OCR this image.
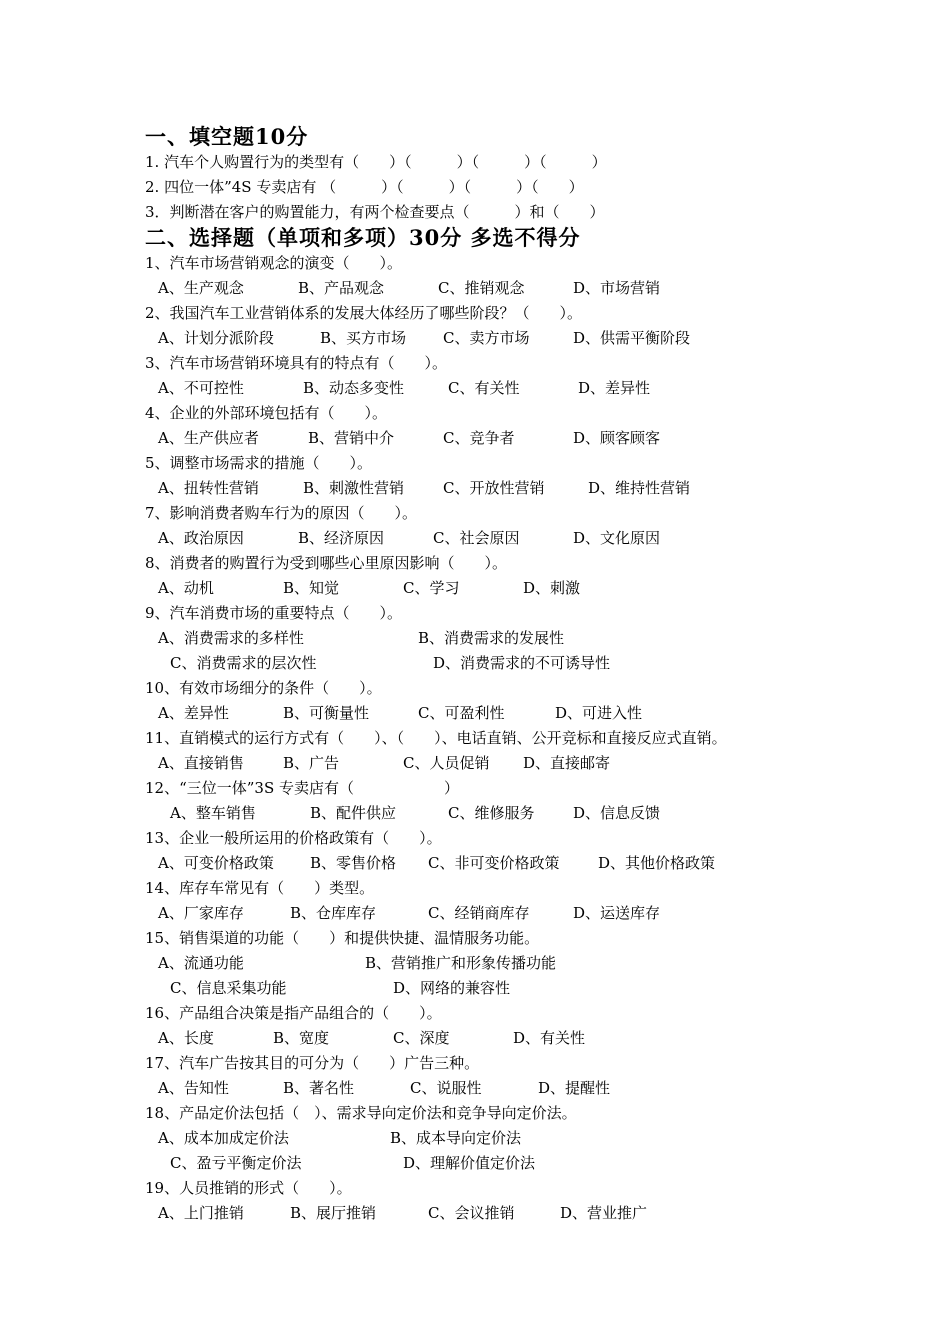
一、填空题10分
1. 汽车个人购置行为的类型有（　　）（　　　）（　　　）（　　　）
2. 四位一体”4S 专卖店有 （　　　）（　　　）（　　　）（　　）
3．判断潜在客户的购置能力，有两个检查要点（　　　）和（　　）
二、选择题（单项和多项）30分 多选不得分
1、汽车市场营销观念的演变（　　）。
A、生产观念	B、产品观念	C、推销观念	D、市场营销
2、我国汽车工业营销体系的发展大体经历了哪些阶段？（　　）。
A、计划分派阶段	B、买方市场 C、卖方市场	D、供需平衡阶段
3、汽车市场营销环境具有的特点有（　　）。
A、不可控性	B、动态多变性	C、有关性	D、差异性
4、企业的外部环境包括有（　　）。
A、生产供应者	B、营销中介	C、竞争者	D、顾客顾客
5、调整市场需求的措施（　　）。
A、扭转性营销	B、刺激性营销	C、开放性营销	D、维持性营销
7、影响消费者购车行为的原因（　　）。
A、政治原因	B、经济原因	C、社会原因	D、文化原因
8、消费者的购置行为受到哪些心里原因影响（　　）。
A、动机	B、知觉	C、学习	D、刺激
9、汽车消费市场的重要特点（　　）。
A、消费需求的多样性	B、消费需求的发展性
C、消费需求的层次性	D、消费需求的不可诱导性
10、有效市场细分的条件（　　）。
A、差异性	B、可衡量性	C、可盈利性	D、可进入性
11、直销模式的运行方式有（　　）、（　　）、电话直销、公开竞标和直接反应式直销。
A、直接销售	B、广告	C、人员促销 D、直接邮寄
12、“三位一体”3S 专卖店有（　　　　　　）
A、整车销售	B、配件供应	C、维修服务	D、信息反馈
13、企业一般所运用的价格政策有（　　）。
A、可变价格政策 B、零售价格 C、非可变价格政策	D、其他价格政策
14、库存车常见有（　　）类型。
A、厂家库存	B、仓库库存	C、经销商库存	D、运送库存
15、销售渠道的功能（　　）和提供快捷、温情服务功能。
A、流通功能	B、营销推广和形象传播功能
C、信息采集功能	D、网络的兼容性
16、产品组合决策是指产品组合的（　　）。
A、长度	B、宽度	C、深度	D、有关性
17、汽车广告按其目的可分为（　　）广告三种。
A、告知性	B、著名性	C、说服性	D、提醒性
18、产品定价法包括（　）、需求导向定价法和竞争导向定价法。
A、成本加成定价法	B、成本导向定价法
C、盈亏平衡定价法	D、理解价值定价法
19、人员推销的形式（　　）。
A、上门推销	B、展厅推销	C、会议推销	D、营业推广
